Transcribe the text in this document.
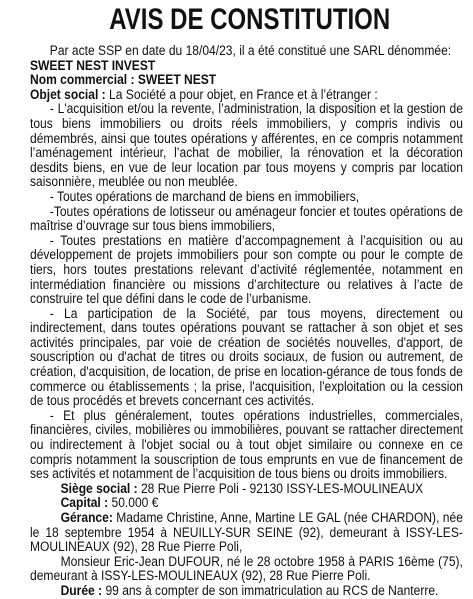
AVIS DE CONSTITUTION

Par acte SSP en date du 18/04/23, il a été constitué une SARL dénommée:

SWEET NEST INVEST

Nom commercial : SWEET NEST

Objet social : La Société a pour objet, en France et à l’étranger :

- L'acquisition et/ou la revente, l’administration, la disposition et la gestion de tous biens immobiliers ou droits réels immobiliers, y compris indivis ou démembrés, ainsi que toutes opérations y afférentes, en ce compris notamment l’aménagement intérieur, l’achat de mobilier, la rénovation et la décoration desdits biens, en vue de leur location par tous moyens y compris par location saisonnière, meublée ou non meublée.

- Toutes opérations de marchand de biens en immobiliers,

-Toutes opérations de lotisseur ou aménageur foncier et toutes opérations de maîtrise d’ouvrage sur tous biens immobiliers,

- Toutes prestations en matière d’accompagnement à l’acquisition ou au développement de projets immobiliers pour son compte ou pour le compte de tiers, hors toutes prestations relevant d’activité réglementée, notamment en intermédiation financière ou missions d’architecture ou relatives à l’acte de construire tel que défini dans le code de l’urbanisme.

- La participation de la Société, par tous moyens, directement ou indirectement, dans toutes opérations pouvant se rattacher à son objet et ses activités principales, par voie de création de sociétés nouvelles, d'apport, de souscription ou d'achat de titres ou droits sociaux, de fusion ou autrement, de création, d'acquisition, de location, de prise en location-gérance de tous fonds de commerce ou établissements ; la prise, l'acquisition, l'exploitation ou la cession de tous procédés et brevets concernant ces activités.

- Et plus généralement, toutes opérations industrielles, commerciales, financières, civiles, mobilières ou immobilières, pouvant se rattacher directement ou indirectement à l'objet social ou à tout objet similaire ou connexe en ce compris notamment la souscription de tous emprunts en vue de financement de ses activités et notamment de l’acquisition de tous biens ou droits immobiliers.

Siège social : 28 Rue Pierre Poli - 92130 ISSY-LES-MOULINEAUX

Capital : 50.000 €

Gérance: Madame Christine, Anne, Martine LE GAL (née CHARDON), née le 18 septembre 1954 à NEUILLY-SUR SEINE (92), demeurant à ISSY-LES-MOULINEAUX (92), 28 Rue Pierre Poli,

Monsieur Eric-Jean DUFOUR, né le 28 octobre 1958 à PARIS 16ème (75), demeurant à ISSY-LES-MOULINEAUX (92), 28 Rue Pierre Poli.

Durée : 99 ans à compter de son immatriculation au RCS de Nanterre.
